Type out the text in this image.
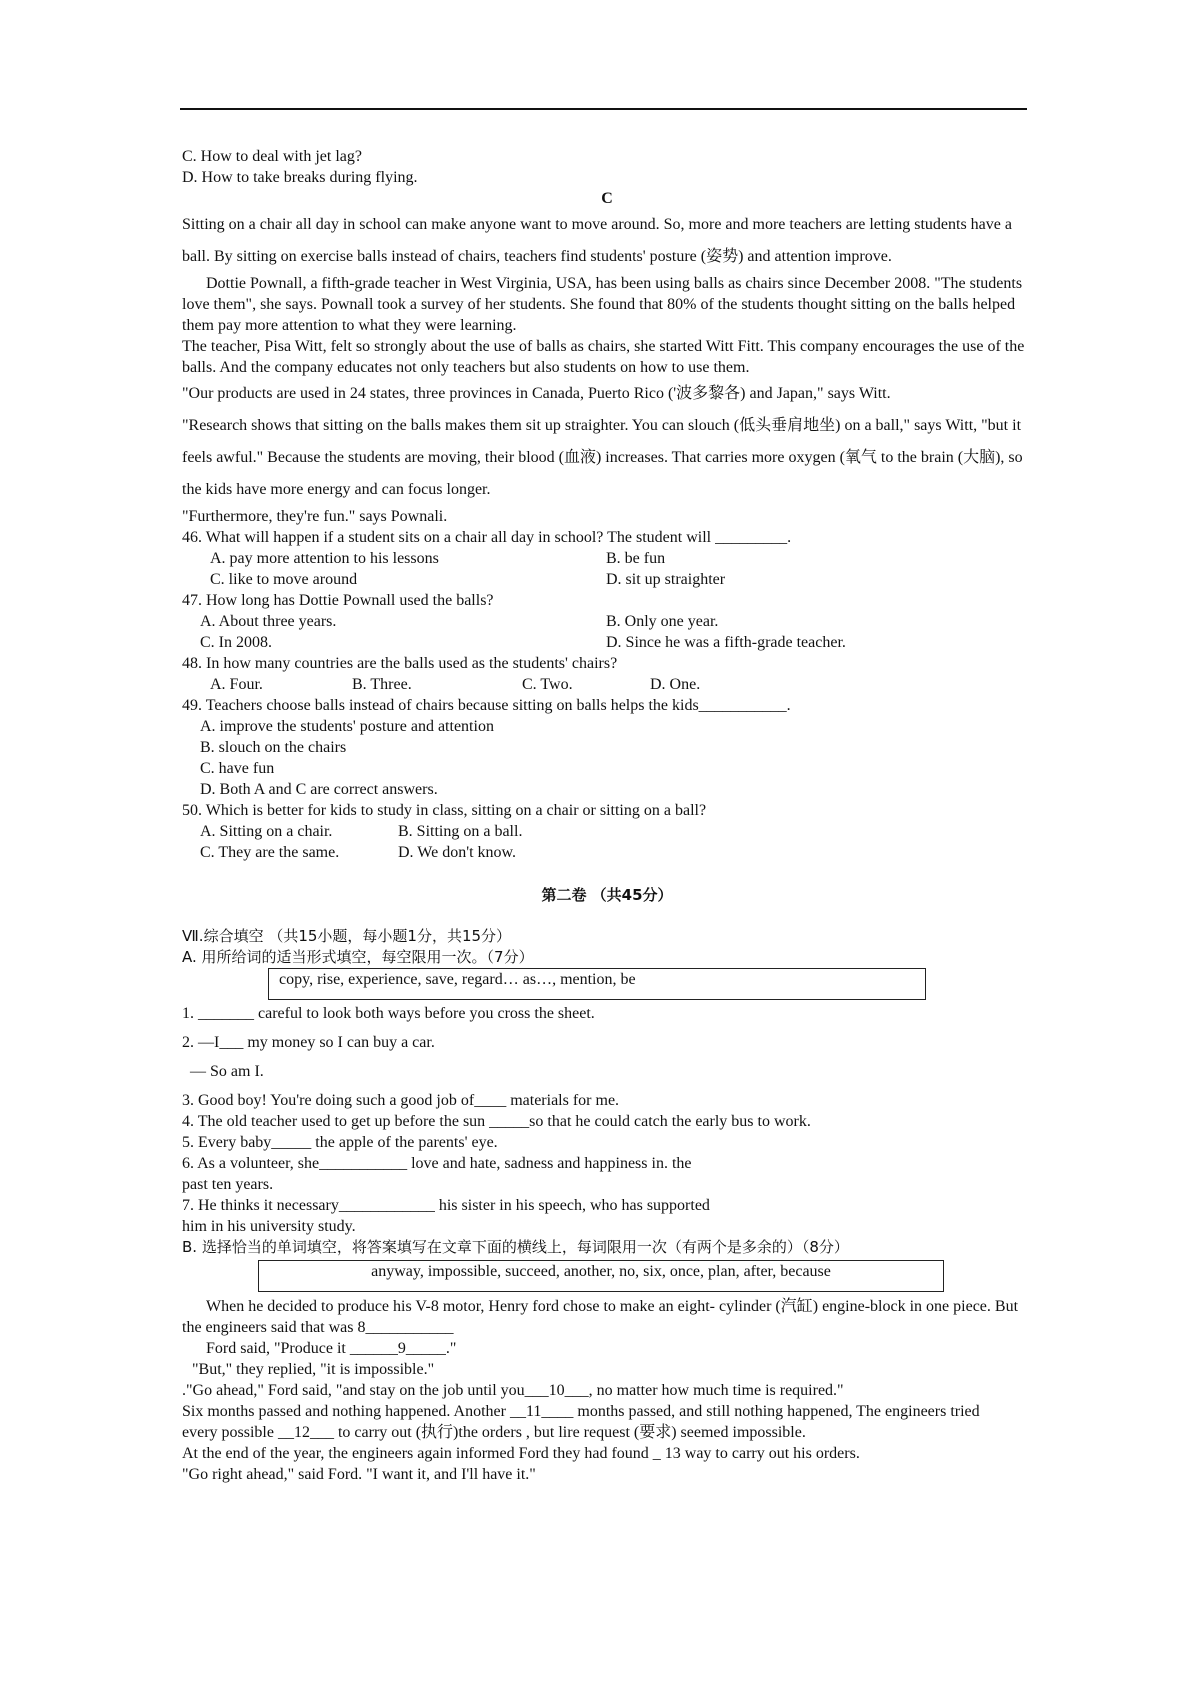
C. How to deal with jet lag?

D. How to take breaks during flying.

C

Sitting on a chair all day in school can make anyone want to move around. So, more and more teachers are letting students have a ball. By sitting on exercise balls instead of chairs, teachers find students' posture (姿势) and attention improve.

Dottie Pownall, a fifth-grade teacher in West Virginia, USA, has been using balls as chairs since December 2008. "The students love them", she says. Pownall took a survey of her students. She found that 80% of the students thought sitting on the balls helped them pay more attention to what they were learning.

The teacher, Pisa Witt, felt so strongly about the use of balls as chairs, she started Witt Fitt. This company encourages the use of the balls. And the company educates not only teachers but also students on how to use them.

"Our products are used in 24 states, three provinces in Canada, Puerto Rico ('波多黎各) and Japan," says Witt.

"Research shows that sitting on the balls makes them sit up straighter. You can slouch (低头垂肩地坐) on a ball," says Witt, "but it feels awful." Because the students are moving, their blood (血液) increases. That carries more oxygen (氧气 to the brain (大脑), so the kids have more energy and can focus longer.

"Furthermore, they're fun." says Pownali.

46. What will happen if a student sits on a chair all day in school? The student will _________.

A. pay more attention to his lessons	B. be fun
C. like to move around	D. sit up straighter

47. How long has Dottie Pownall used the balls?

A. About three years.	B. Only one year.
C. In 2008.	D. Since he was a fifth-grade teacher.

48. In how many countries are the balls used as the students' chairs?

A. Four.	B. Three.	C. Two.	D. One.

49. Teachers choose balls instead of chairs because sitting on balls helps the kids___________.

A. improve the students' posture and attention

B. slouch on the chairs

C. have fun

D. Both A and C are correct answers.

50. Which is better for kids to study in class, sitting on a chair or sitting on a ball?

A. Sitting on a chair.	B. Sitting on a ball.
C. They are the same.	D. We don't know.

第二卷 （共45分）

Ⅶ.综合填空 （共15小题，每小题1分，共15分）

A. 用所给词的适当形式填空，每空限用一次。（7分）

copy, rise, experience, save, regard… as…, mention, be

1. _______ careful to look both ways before you cross the sheet.

2. —I___ my money so I can buy a car.

— So am I.

3. Good boy! You're doing such a good job of____ materials for me.

4. The old teacher used to get up before the sun _____so that he could catch the early bus to work.

5. Every baby_____ the apple of the parents' eye.

6. As a volunteer, she___________ love and hate, sadness and happiness in. the

past ten years.

7. He thinks it necessary____________ his sister in his speech, who has supported

him in his university study.

B. 选择恰当的单词填空，将答案填写在文章下面的横线上，每词限用一次（有两个是多余的）（8分）

anyway, impossible, succeed, another, no, six, once, plan, after, because

When he decided to produce his V-8 motor, Henry ford chose to make an eight- cylinder (汽缸) engine-block in one piece. But the engineers said that was 8___________

Ford said, "Produce it ______9_____."

"But," they replied, "it is impossible."

."Go ahead," Ford said, "and stay on the job until you___10___, no matter how much time is required."

Six months passed and nothing happened. Another __11____ months passed, and still nothing happened, The engineers tried every possible __12___ to carry out (执行)the orders , but lire request (要求) seemed impossible.

At the end of the year, the engineers again informed Ford they had found _ 13 way to carry out his orders.

"Go right ahead," said Ford. "I want it, and I'll have it."
